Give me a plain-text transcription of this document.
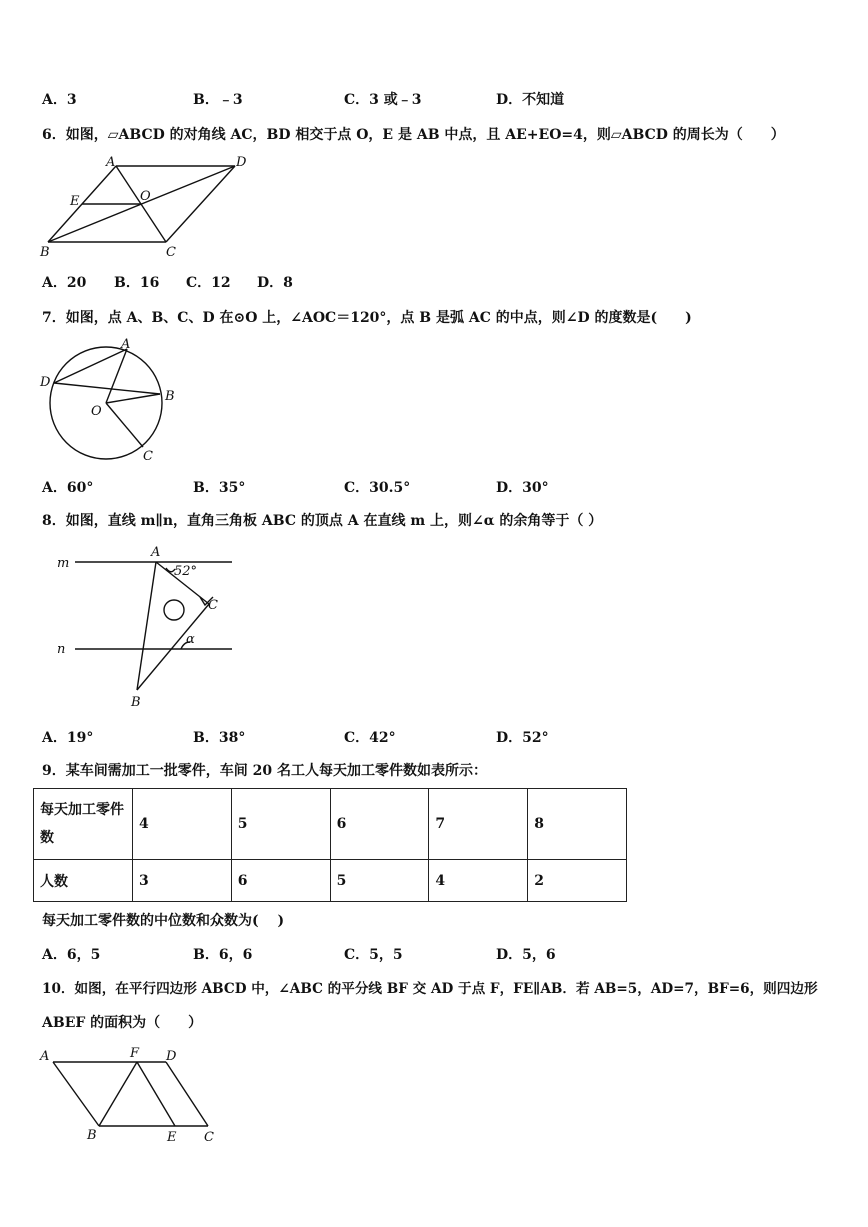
A．3	B．﹣3	C．3 或﹣3	D．不知道
6．如图，▱ABCD 的对角线 AC，BD 相交于点 O，E 是 AB 中点，且 AE+EO=4，则▱ABCD 的周长为（　　）
A	D
E	O
B	C
A．20 B．16 C．12 D．8
7．如图，点 A、B、C、D 在⊙O 上，∠AOC＝120°，点 B 是弧 AC 的中点，则∠D 的度数是(　　)
A
D
B
O
C
A．60°	B．35°	C．30.5°	D．30°
8．如图，直线 m∥n，直角三角板 ABC 的顶点 A 在直线 m 上，则∠α 的余角等于（ ）
m
n
A
52°
C
α
B
A．19°	B．38°	C．42°	D．52°
9．某车间需加工一批零件，车间 20 名工人每天加工零件数如表所示：
每天加工零件数	4	5	6	7	8
人数	3	6	5	4	2
每天加工零件数的中位数和众数为(　 )
A．6，5	B．6，6	C．5，5	D．5，6
10．如图，在平行四边形 ABCD 中，∠ABC 的平分线 BF 交 AD 于点 F，FE∥AB．若 AB=5，AD=7，BF=6，则四边形
ABEF 的面积为（　　）
A	F D
B	E C
